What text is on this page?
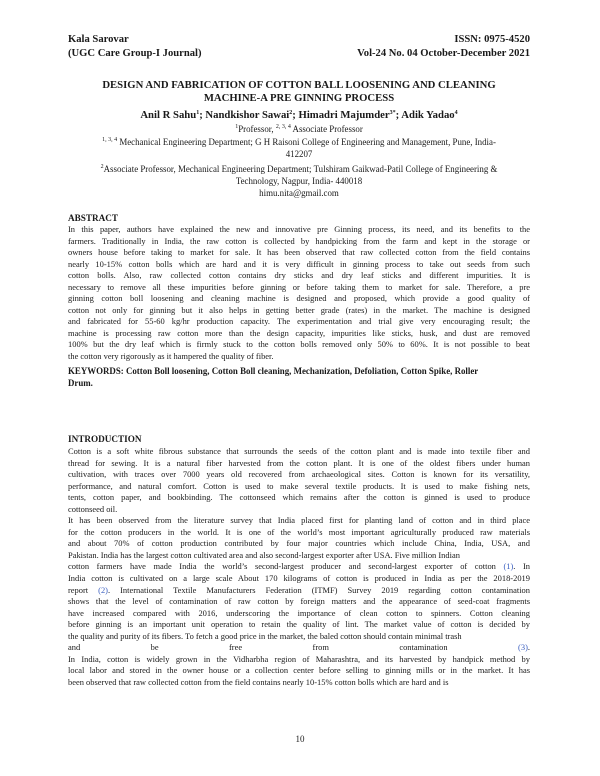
Kala Sarovar	ISSN: 0975-4520
(UGC Care Group-I Journal)	Vol-24 No. 04 October-December 2021
DESIGN AND FABRICATION OF COTTON BALL LOOSENING AND CLEANING
MACHINE-A PRE GINNING PROCESS
Anil R Sahu$^1$; Nandkishor Sawai$^2$; Himadri Majumder$^{3*}$; Adik Yadao$^4$
$^1$Professor, $^{2, 3, 4}$ Associate Professor
$^{1, 3, 4}$ Mechanical Engineering Department; G H Raisoni College of Engineering and Management, Pune, India-
412207
$^2$Associate Professor, Mechanical Engineering Department; Tulshiram Gaikwad-Patil College of Engineering &
Technology, Nagpur, India- 440018
himu.nita@gmail.com
ABSTRACT
In this paper, authors have explained the new and innovative pre Ginning process, its need, and its benefits to the
farmers. Traditionally in India, the raw cotton is collected by handpicking from the farm and kept in the storage or
owners house before taking to market for sale. It has been observed that raw collected cotton from the field contains
nearly 10-15% cotton bolls which are hard and it is very difficult in ginning process to take out seeds from such
cotton bolls. Also, raw collected cotton contains dry sticks and dry leaf sticks and different impurities. It is
necessary to remove all these impurities before ginning or before taking them to market for sale. Therefore, a pre
ginning cotton boll loosening and cleaning machine is designed and proposed, which provide a good quality of
cotton not only for ginning but it also helps in getting better grade (rates) in the market. The machine is designed
and fabricated for 55-60 kg/hr production capacity. The experimentation and trial give very encouraging result; the
machine is processing raw cotton more than the design capacity, impurities like sticks, husk, and dust are removed
100% but the dry leaf which is firmly stuck to the cotton bolls removed only 50% to 60%. It is not possible to beat
the cotton very rigorously as it hampered the quality of fiber.
KEYWORDS: Cotton Boll loosening, Cotton Boll cleaning, Mechanization, Defoliation, Cotton Spike, Roller
Drum.
INTRODUCTION
Cotton is a soft white fibrous substance that surrounds the seeds of the cotton plant and is made into textile fiber and
thread for sewing. It is a natural fiber harvested from the cotton plant. It is one of the oldest fibers under human
cultivation, with traces over 7000 years old recovered from archaeological sites. Cotton is known for its versatility,
performance, and natural comfort. Cotton is used to make several textile products. It is used to make fishing nets,
tents, cotton paper, and bookbinding. The cottonseed which remains after the cotton is ginned is used to produce
cottonseed oil.
It has been observed from the literature survey that India placed first for planting land of cotton and in third place
for the cotton producers in the world. It is one of the world’s most important agriculturally produced raw materials
and about 70% of cotton production contributed by four major countries which include China, India, USA, and
Pakistan. India has the largest cotton cultivated area and also second-largest exporter after USA. Five million Indian
cotton farmers have made India the world’s second-largest producer and second-largest exporter of cotton (1). In
India cotton is cultivated on a large scale About 170 kilograms of cotton is produced in India as per the 2018-2019
report (2). International Textile Manufacturers Federation (ITMF) Survey 2019 regarding cotton contamination
shows that the level of contamination of raw cotton by foreign matters and the appearance of seed-coat fragments
have increased compared with 2016, underscoring the importance of clean cotton to spinners. Cotton cleaning
before ginning is an important unit operation to retain the quality of lint. The market value of cotton is decided by
the quality and purity of its fibers. To fetch a good price in the market, the baled cotton should contain minimal trash
and be free from contamination (3).
In India, cotton is widely grown in the Vidharbha region of Maharashtra, and its harvested by handpick method by
local labor and stored in the owner house or a collection center before selling to ginning mills or in the market. It has
been observed that raw collected cotton from the field contains nearly 10-15% cotton bolls which are hard and is
10
